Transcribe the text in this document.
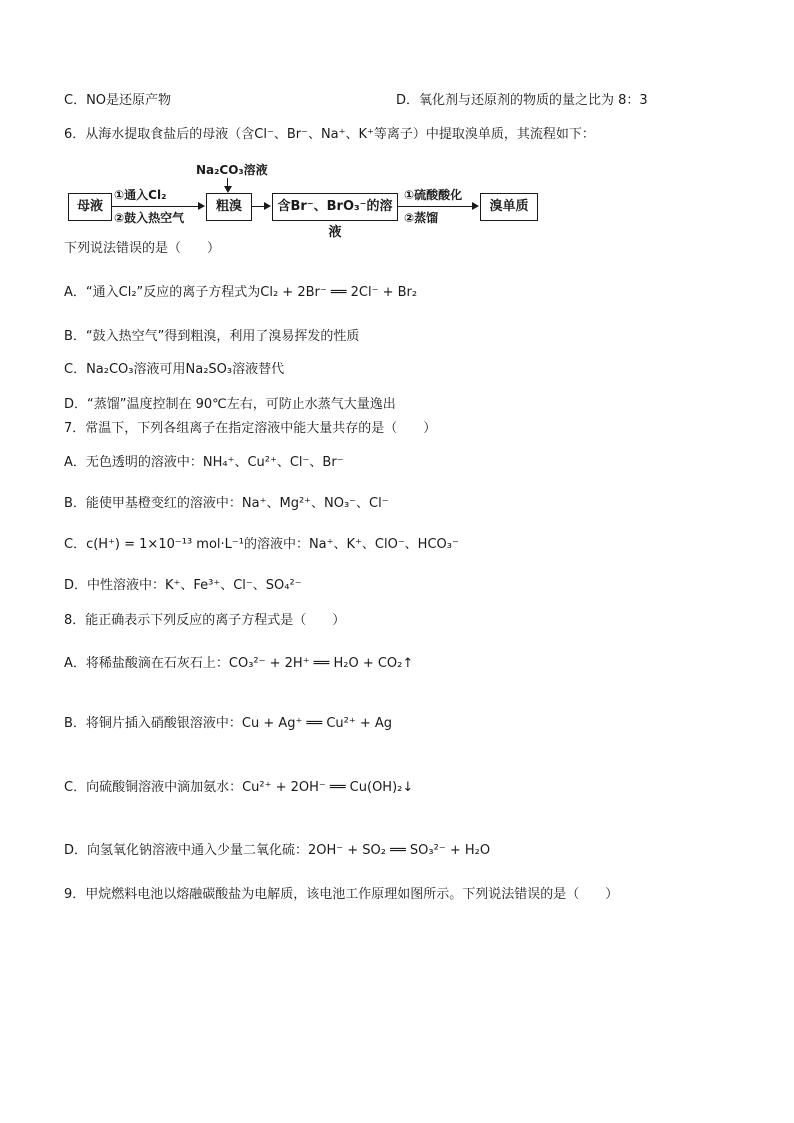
C．NO是还原产物	D．氧化剂与还原剂的物质的量之比为 8：3
6．从海水提取食盐后的母液（含Cl⁻、Br⁻、Na⁺、K⁺等离子）中提取溴单质，其流程如下：
母液
①通入Cl₂
②鼓入热空气
Na₂CO₃溶液
粗溴	含Br⁻、BrO₃⁻的溶液
①硫酸酸化
②蒸馏
溴单质
下列说法错误的是（　　）
A．“通入Cl₂”反应的离子方程式为Cl₂ + 2Br⁻ ══ 2Cl⁻ + Br₂
B．“鼓入热空气”得到粗溴，利用了溴易挥发的性质
C．Na₂CO₃溶液可用Na₂SO₃溶液替代
D．“蒸馏”温度控制在 90℃左右，可防止水蒸气大量逸出
7．常温下，下列各组离子在指定溶液中能大量共存的是（　　）
A．无色透明的溶液中：NH₄⁺、Cu²⁺、Cl⁻、Br⁻
B．能使甲基橙变红的溶液中：Na⁺、Mg²⁺、NO₃⁻、Cl⁻
C．c(H⁺) = 1×10⁻¹³ mol·L⁻¹的溶液中：Na⁺、K⁺、ClO⁻、HCO₃⁻
D．中性溶液中：K⁺、Fe³⁺、Cl⁻、SO₄²⁻
8．能正确表示下列反应的离子方程式是（　　）
A．将稀盐酸滴在石灰石上：CO₃²⁻ + 2H⁺ ══ H₂O + CO₂↑
B．将铜片插入硝酸银溶液中：Cu + Ag⁺ ══ Cu²⁺ + Ag
C．向硫酸铜溶液中滴加氨水：Cu²⁺ + 2OH⁻ ══ Cu(OH)₂↓
D．向氢氧化钠溶液中通入少量二氧化硫：2OH⁻ + SO₂ ══ SO₃²⁻ + H₂O
9．甲烷燃料电池以熔融碳酸盐为电解质，该电池工作原理如图所示。下列说法错误的是（　　）
